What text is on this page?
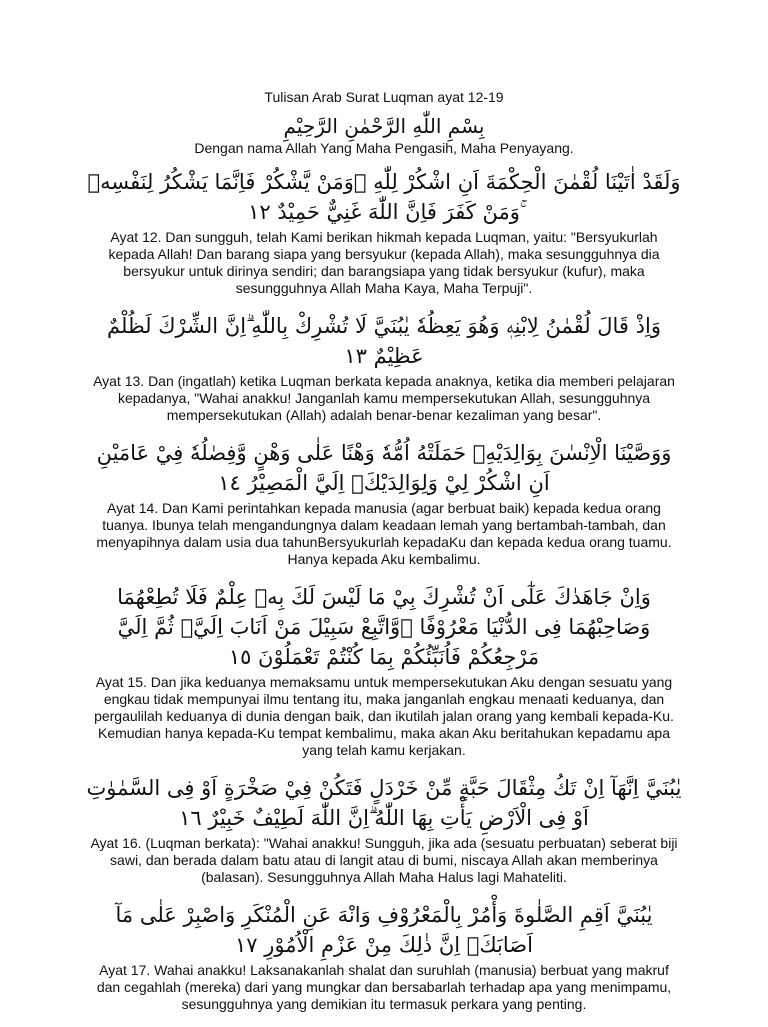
Tulisan Arab Surat Luqman ayat 12-19

بِسْمِ اللّٰهِ الرَّحْمٰنِ الرَّحِيْمِ

Dengan nama Allah Yang Maha Pengasih, Maha Penyayang.

وَلَقَدْ اٰتَيْنَا لُقْمٰنَ الْحِكْمَةَ اَنِ اشْكُرْ لِلّٰهِ ۗوَمَنْ يَّشْكُرْ فَاِنَّمَا يَشْكُرُ لِنَفْسِهٖ ۚوَمَنْ كَفَرَ فَاِنَّ اللّٰهَ غَنِيٌّ حَمِيْدٌ ١٢

Ayat 12. Dan sungguh, telah Kami berikan hikmah kepada Luqman, yaitu: "Bersyukurlah kepada Allah! Dan barang siapa yang bersyukur (kepada Allah), maka sesungguhnya dia bersyukur untuk dirinya sendiri; dan barangsiapa yang tidak bersyukur (kufur), maka sesungguhnya Allah Maha Kaya, Maha Terpuji".

وَاِذْ قَالَ لُقْمٰنُ لِابْنِهٖ وَهُوَ يَعِظُهٗ يٰبُنَيَّ لَا تُشْرِكْ بِاللّٰهِ ۗاِنَّ الشِّرْكَ لَظُلْمٌ عَظِيْمٌ ١٣

Ayat 13. Dan (ingatlah) ketika Luqman berkata kepada anaknya, ketika dia memberi pelajaran kepadanya, "Wahai anakku! Janganlah kamu mempersekutukan Allah, sesungguhnya mempersekutukan (Allah) adalah benar-benar kezaliman yang besar".

وَوَصَّيْنَا الْاِنْسٰنَ بِوَالِدَيْهِۚ حَمَلَتْهُ اُمُّهٗ وَهْنًا عَلٰى وَهْنٍ وَّفِصٰلُهٗ فِيْ عَامَيْنِ اَنِ اشْكُرْ لِيْ وَلِوَالِدَيْكَۗ اِلَيَّ الْمَصِيْرُ ١٤

Ayat 14. Dan Kami perintahkan kepada manusia (agar berbuat baik) kepada kedua orang tuanya. Ibunya telah mengandungnya dalam keadaan lemah yang bertambah-tambah, dan menyapihnya dalam usia dua tahunBersyukurlah kepadaKu dan kepada kedua orang tuamu. Hanya kepada Aku kembalimu.

وَاِنْ جَاهَدٰكَ عَلٰٓى اَنْ تُشْرِكَ بِيْ مَا لَيْسَ لَكَ بِهٖ عِلْمٌ فَلَا تُطِعْهُمَا وَصَاحِبْهُمَا فِى الدُّنْيَا مَعْرُوْفًا ۖوَّاتَّبِعْ سَبِيْلَ مَنْ اَنَابَ اِلَيَّۚ ثُمَّ اِلَيَّ مَرْجِعُكُمْ فَاُنَبِّئُكُمْ بِمَا كُنْتُمْ تَعْمَلُوْنَ ١٥

Ayat 15. Dan jika keduanya memaksamu untuk mempersekutukan Aku dengan sesuatu yang engkau tidak mempunyai ilmu tentang itu, maka janganlah engkau menaati keduanya, dan pergaulilah keduanya di dunia dengan baik, dan ikutilah jalan orang yang kembali kepada-Ku. Kemudian hanya kepada-Ku tempat kembalimu, maka akan Aku beritahukan kepadamu apa yang telah kamu kerjakan.

يٰبُنَيَّ اِنَّهَآ اِنْ تَكُ مِثْقَالَ حَبَّةٍ مِّنْ خَرْدَلٍ فَتَكُنْ فِيْ صَخْرَةٍ اَوْ فِى السَّمٰوٰتِ اَوْ فِى الْاَرْضِ يَأْتِ بِهَا اللّٰهُ ۗاِنَّ اللّٰهَ لَطِيْفٌ خَبِيْرٌ ١٦

Ayat 16. (Luqman berkata): "Wahai anakku! Sungguh, jika ada (sesuatu perbuatan) seberat biji sawi, dan berada dalam batu atau di langit atau di bumi, niscaya Allah akan memberinya (balasan). Sesungguhnya Allah Maha Halus lagi Mahateliti.

يٰبُنَيَّ اَقِمِ الصَّلٰوةَ وَأْمُرْ بِالْمَعْرُوْفِ وَانْهَ عَنِ الْمُنْكَرِ وَاصْبِرْ عَلٰى مَآ اَصَابَكَۗ اِنَّ ذٰلِكَ مِنْ عَزْمِ الْاُمُوْرِ ١٧

Ayat 17. Wahai anakku! Laksanakanlah shalat dan suruhlah (manusia) berbuat yang makruf dan cegahlah (mereka) dari yang mungkar dan bersabarlah terhadap apa yang menimpamu, sesungguhnya yang demikian itu termasuk perkara yang penting.
